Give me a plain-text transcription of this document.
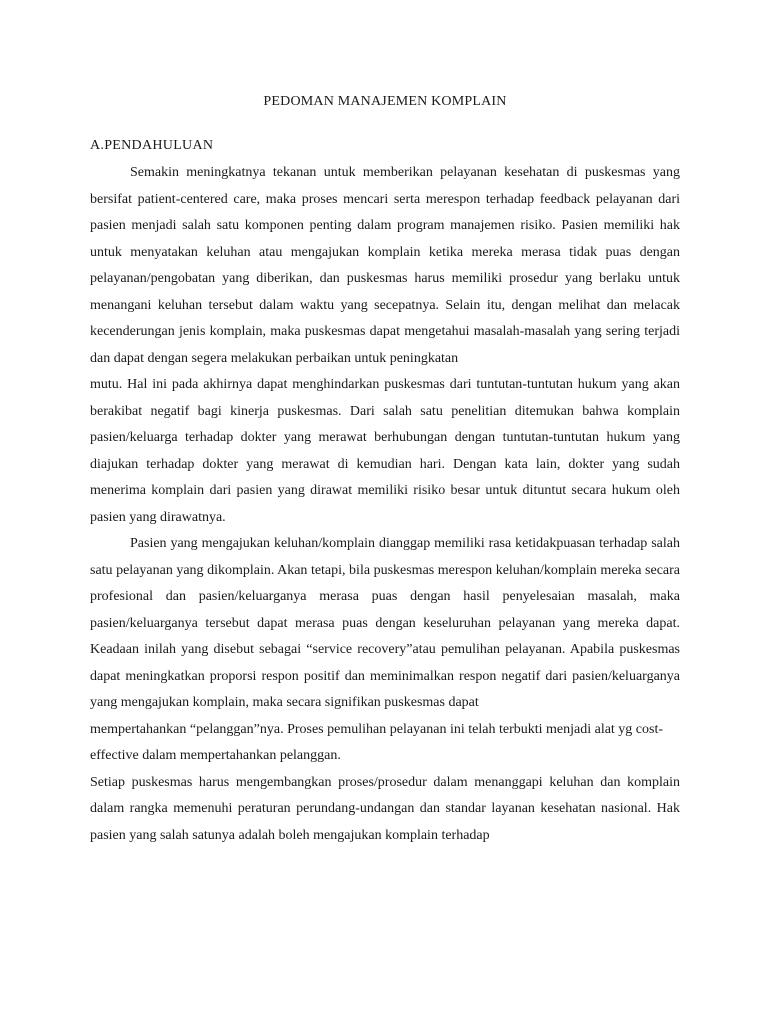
PEDOMAN MANAJEMEN KOMPLAIN
A.PENDAHULUAN

Semakin meningkatnya tekanan untuk memberikan pelayanan kesehatan di puskesmas yang bersifat patient-centered care, maka proses mencari serta merespon terhadap feedback pelayanan dari pasien menjadi salah satu komponen penting dalam program manajemen risiko. Pasien memiliki hak untuk menyatakan keluhan atau mengajukan komplain ketika mereka merasa tidak puas dengan pelayanan/pengobatan yang diberikan, dan puskesmas harus memiliki prosedur yang berlaku untuk menangani keluhan tersebut dalam waktu yang secepatnya. Selain itu, dengan melihat dan melacak kecenderungan jenis komplain, maka puskesmas dapat mengetahui masalah-masalah yang sering terjadi dan dapat dengan segera melakukan perbaikan untuk peningkatan

mutu. Hal ini pada akhirnya dapat menghindarkan puskesmas dari tuntutan-tuntutan hukum yang akan berakibat negatif bagi kinerja puskesmas. Dari salah satu penelitian ditemukan bahwa komplain pasien/keluarga terhadap dokter yang merawat berhubungan dengan tuntutan-tuntutan hukum yang diajukan terhadap dokter yang merawat di kemudian hari. Dengan kata lain, dokter yang sudah menerima komplain dari pasien yang dirawat memiliki risiko besar untuk dituntut secara hukum oleh pasien yang dirawatnya.

Pasien yang mengajukan keluhan/komplain dianggap memiliki rasa ketidakpuasan terhadap salah satu pelayanan yang dikomplain. Akan tetapi, bila puskesmas merespon keluhan/komplain mereka secara profesional dan pasien/keluarganya merasa puas dengan hasil penyelesaian masalah, maka pasien/keluarganya tersebut dapat merasa puas dengan keseluruhan pelayanan yang mereka dapat. Keadaan inilah yang disebut sebagai “service recovery”atau pemulihan pelayanan. Apabila puskesmas dapat meningkatkan proporsi respon positif dan meminimalkan respon negatif dari pasien/keluarganya yang mengajukan komplain, maka secara signifikan puskesmas dapat

mempertahankan “pelanggan”nya. Proses pemulihan pelayanan ini telah terbukti menjadi alat yg cost-effective dalam mempertahankan pelanggan.

Setiap puskesmas harus mengembangkan proses/prosedur dalam menanggapi keluhan dan komplain dalam rangka memenuhi peraturan perundang-undangan dan standar layanan kesehatan nasional. Hak pasien yang salah satunya adalah boleh mengajukan komplain terhadap
